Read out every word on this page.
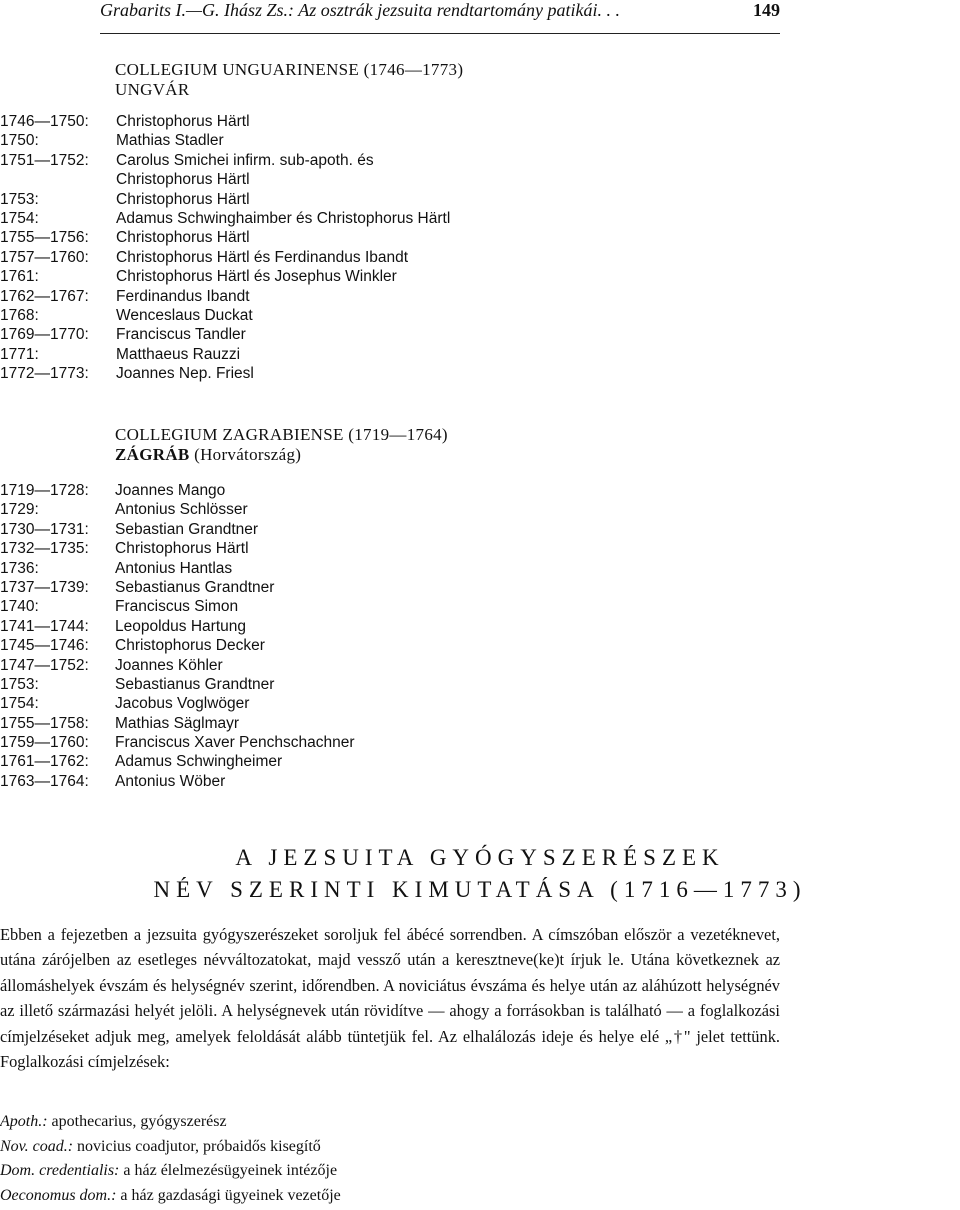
Grabarits I.—G. Ihász Zs.: Az osztrák jezsuita rendtartomány patikái. . .	149
COLLEGIUM UNGUARINENSE (1746—1773)
UNGVÁR
1746—1750: Christophorus Härtl
1750:	Mathias Stadler
1751—1752: Carolus Smichei infirm. sub-apoth. és
Christophorus Härtl
1753:	Christophorus Härtl
1754:	Adamus Schwinghaimber és Christophorus Härtl
1755—1756: Christophorus Härtl
1757—1760: Christophorus Härtl és Ferdinandus Ibandt
1761:	Christophorus Härtl és Josephus Winkler
1762—1767: Ferdinandus Ibandt
1768:	Wenceslaus Duckat
1769—1770: Franciscus Tandler
1771:	Matthaeus Rauzzi
1772—1773: Joannes Nep. Friesl
COLLEGIUM ZAGRABIENSE (1719—1764)
ZÁGRÁB (Horvátország)
1719—1728: Joannes Mango
1729:	Antonius Schlösser
1730—1731: Sebastian Grandtner
1732—1735: Christophorus Härtl
1736:	Antonius Hantlas
1737—1739: Sebastianus Grandtner
1740:	Franciscus Simon
1741—1744: Leopoldus Hartung
1745—1746: Christophorus Decker
1747—1752: Joannes Köhler
1753:	Sebastianus Grandtner
1754:	Jacobus Voglwöger
1755—1758: Mathias Säglmayr
1759—1760: Franciscus Xaver Penchschachner
1761—1762: Adamus Schwingheimer
1763—1764: Antonius Wöber
A JEZSUITA GYÓGYSZERÉSZEK
NÉV SZERINTI KIMUTATÁSA (1716—1773)
Ebben a fejezetben a jezsuita gyógyszerészeket soroljuk fel ábécé sorrendben. A címszóban először a vezetéknevet, utána zárójelben az esetleges névváltozatokat, majd vessző után a keresztneve(ke)t írjuk le. Utána következnek az állomáshelyek évszám és helységnév szerint, időrendben. A noviciátus évszáma és helye után az aláhúzott helységnév az illető származási helyét jelöli. A helységnevek után rövidítve — ahogy a forrásokban is található — a foglalkozási címjelzéseket adjuk meg, amelyek feloldását alább tüntetjük fel. Az elhalálozás ideje és helye elé „†" jelet tettünk. Foglalkozási címjelzések:
Apoth.: apothecarius, gyógyszerész
Nov. coad.: novicius coadjutor, próbaidős kisegítő
Dom. credentialis: a ház élelmezésügyeinek intézője
Oeconomus dom.: a ház gazdasági ügyeinek vezetője
